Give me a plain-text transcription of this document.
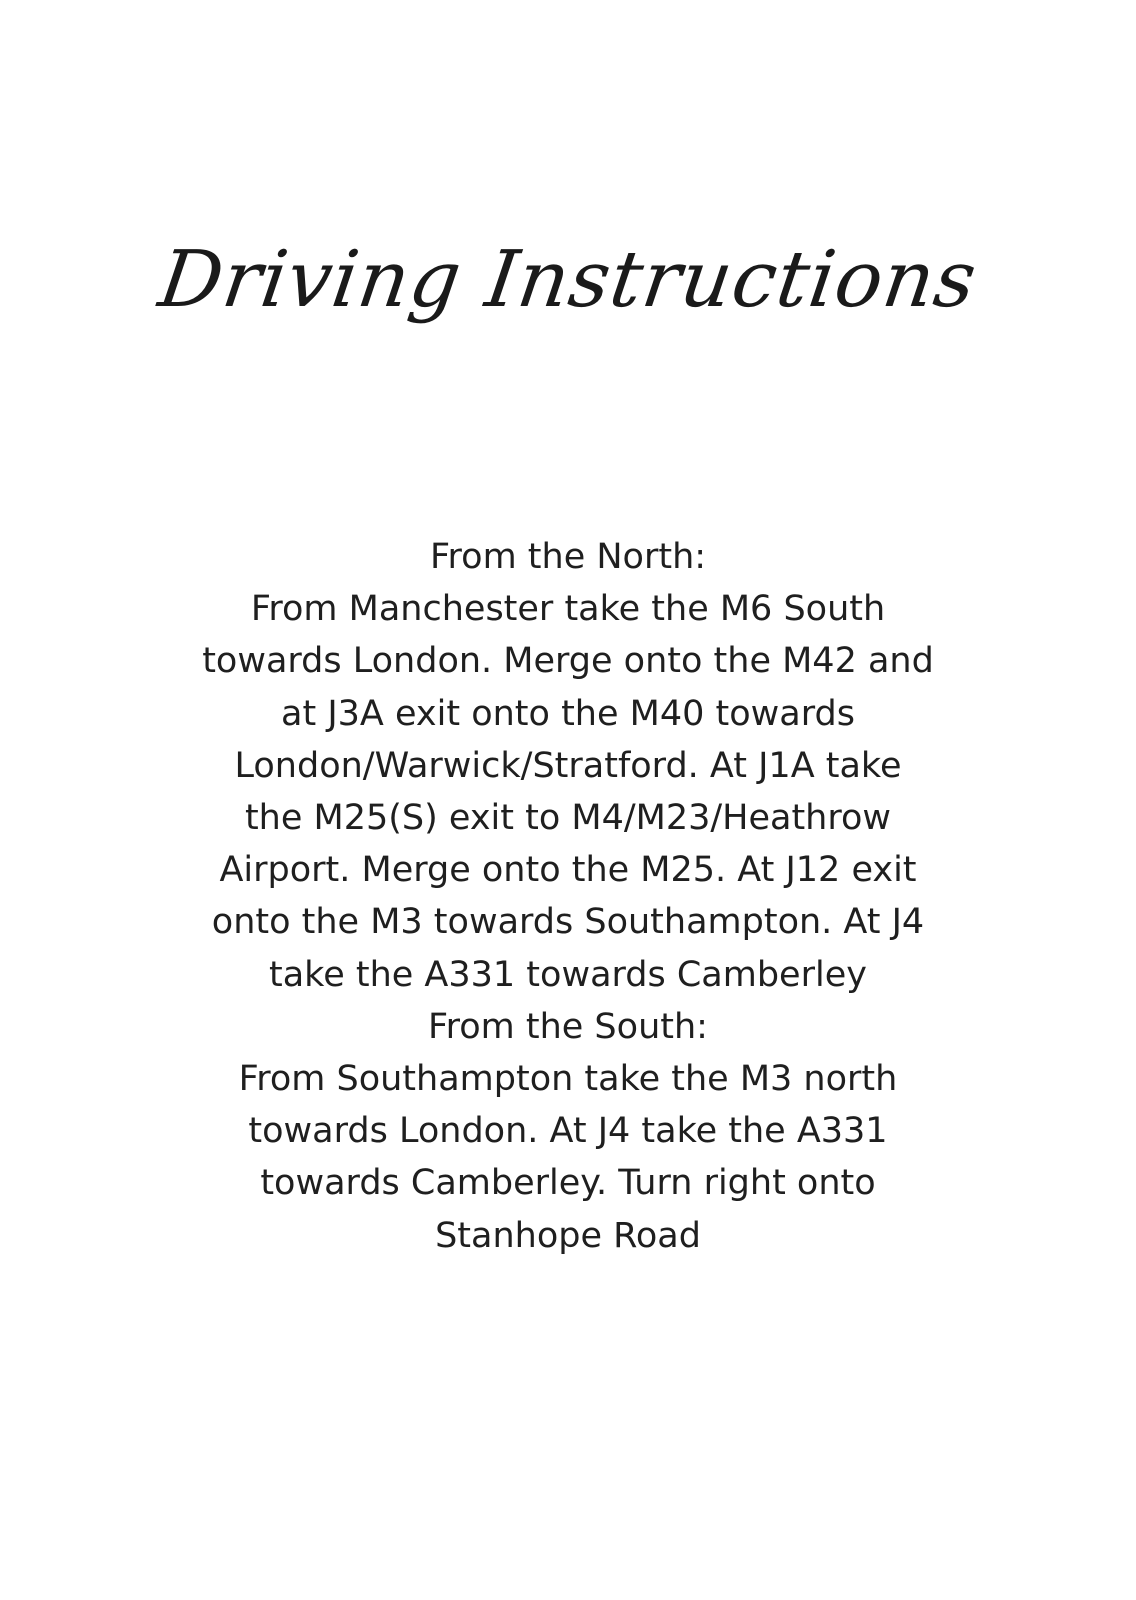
Driving Instructions
From the North:
From Manchester take the M6 South
towards London. Merge onto the M42 and
at J3A exit onto the M40 towards
London/Warwick/Stratford. At J1A take
the M25(S) exit to M4/M23/Heathrow
Airport. Merge onto the M25. At J12 exit
onto the M3 towards Southampton. At J4
take the A331 towards Camberley
From the South:
From Southampton take the M3 north
towards London. At J4 take the A331
towards Camberley. Turn right onto
Stanhope Road
